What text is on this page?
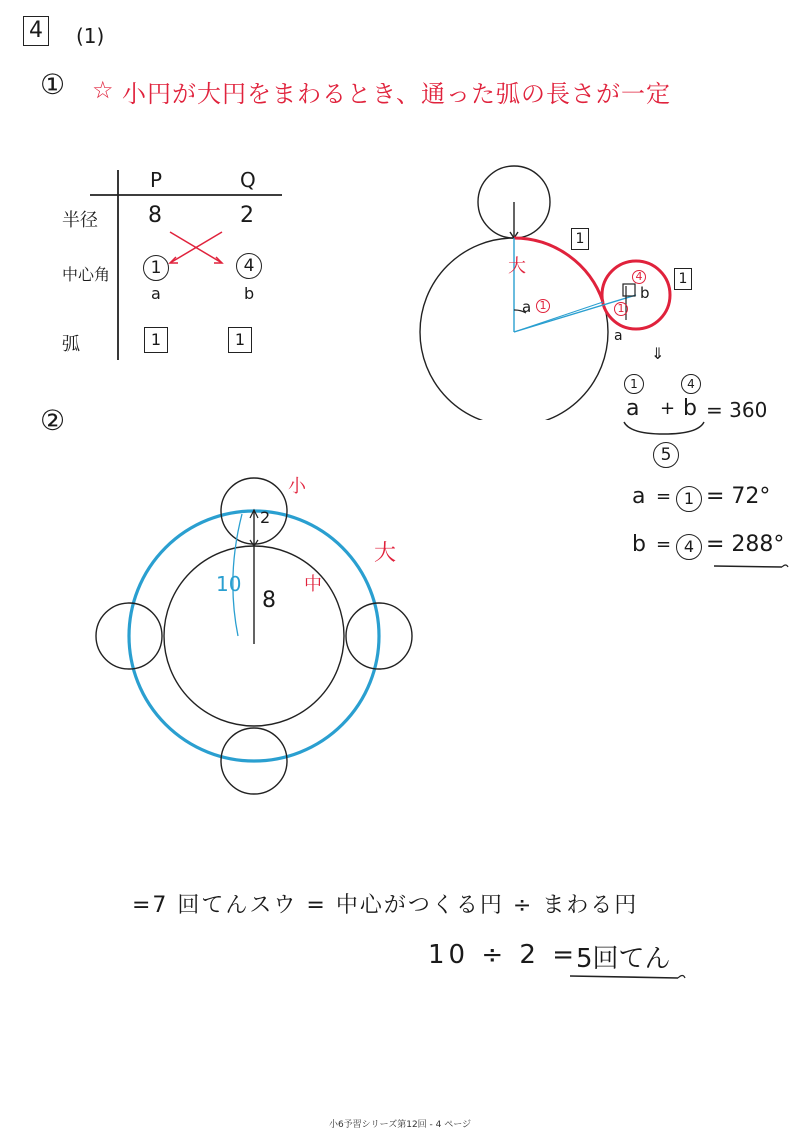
4	(1)
① ☆ 小円が大円をまわるとき、通った弧の長さが一定
P	Q
半径 8	2
中心角	1	4
a	b
弧	1	1
1
1
大
a 1
4
b
1
a
⇓
1	4
a + b = 360
5
a = 1 = 72°
b = 4 = 288°
②
小
大
中
2
8
10
=7 回てんスウ = 中心がつくる円 ÷ まわる円
10 ÷ 2 =
5回てん
小6予習シリーズ第12回 - 4 ページ
